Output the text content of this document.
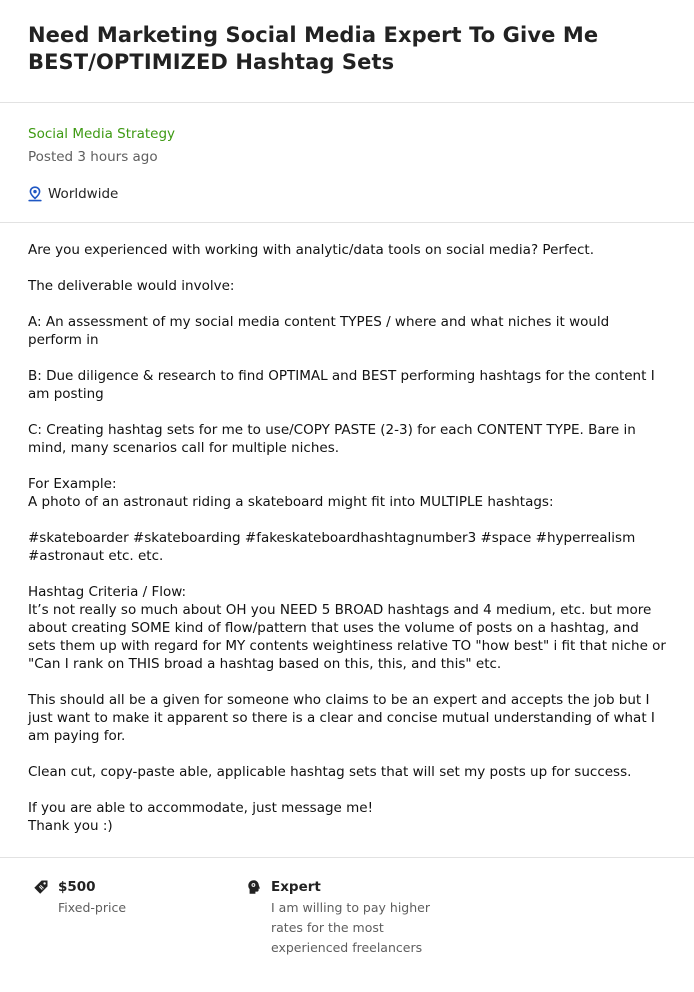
Need Marketing Social Media Expert To Give Me BEST/OPTIMIZED Hashtag Sets
Social Media Strategy
Posted 3 hours ago
Worldwide

Are you experienced with working with analytic/data tools on social media? Perfect.

The deliverable would involve:

A: An assessment of my social media content TYPES / where and what niches it would perform in

B: Due diligence & research to find OPTIMAL and BEST performing hashtags for the content I am posting

C: Creating hashtag sets for me to use/COPY PASTE (2-3) for each CONTENT TYPE. Bare in mind, many scenarios call for multiple niches.

For Example:
A photo of an astronaut riding a skateboard might fit into MULTIPLE hashtags:

#skateboarder #skateboarding #fakeskateboardhashtagnumber3 #space #hyperrealism #astronaut etc. etc.

Hashtag Criteria / Flow:
It’s not really so much about OH you NEED 5 BROAD hashtags and 4 medium, etc. but more about creating SOME kind of flow/pattern that uses the volume of posts on a hashtag, and sets them up with regard for MY contents weightiness relative TO "how best" i fit that niche or "Can I rank on THIS broad a hashtag based on this, this, and this" etc.

This should all be a given for someone who claims to be an expert and accepts the job but I just want to make it apparent so there is a clear and concise mutual understanding of what I am paying for.

Clean cut, copy-paste able, applicable hashtag sets that will set my posts up for success.

If you are able to accommodate, just message me!
Thank you :)

$500
Fixed-price
Expert
I am willing to pay higher rates for the most experienced freelancers
